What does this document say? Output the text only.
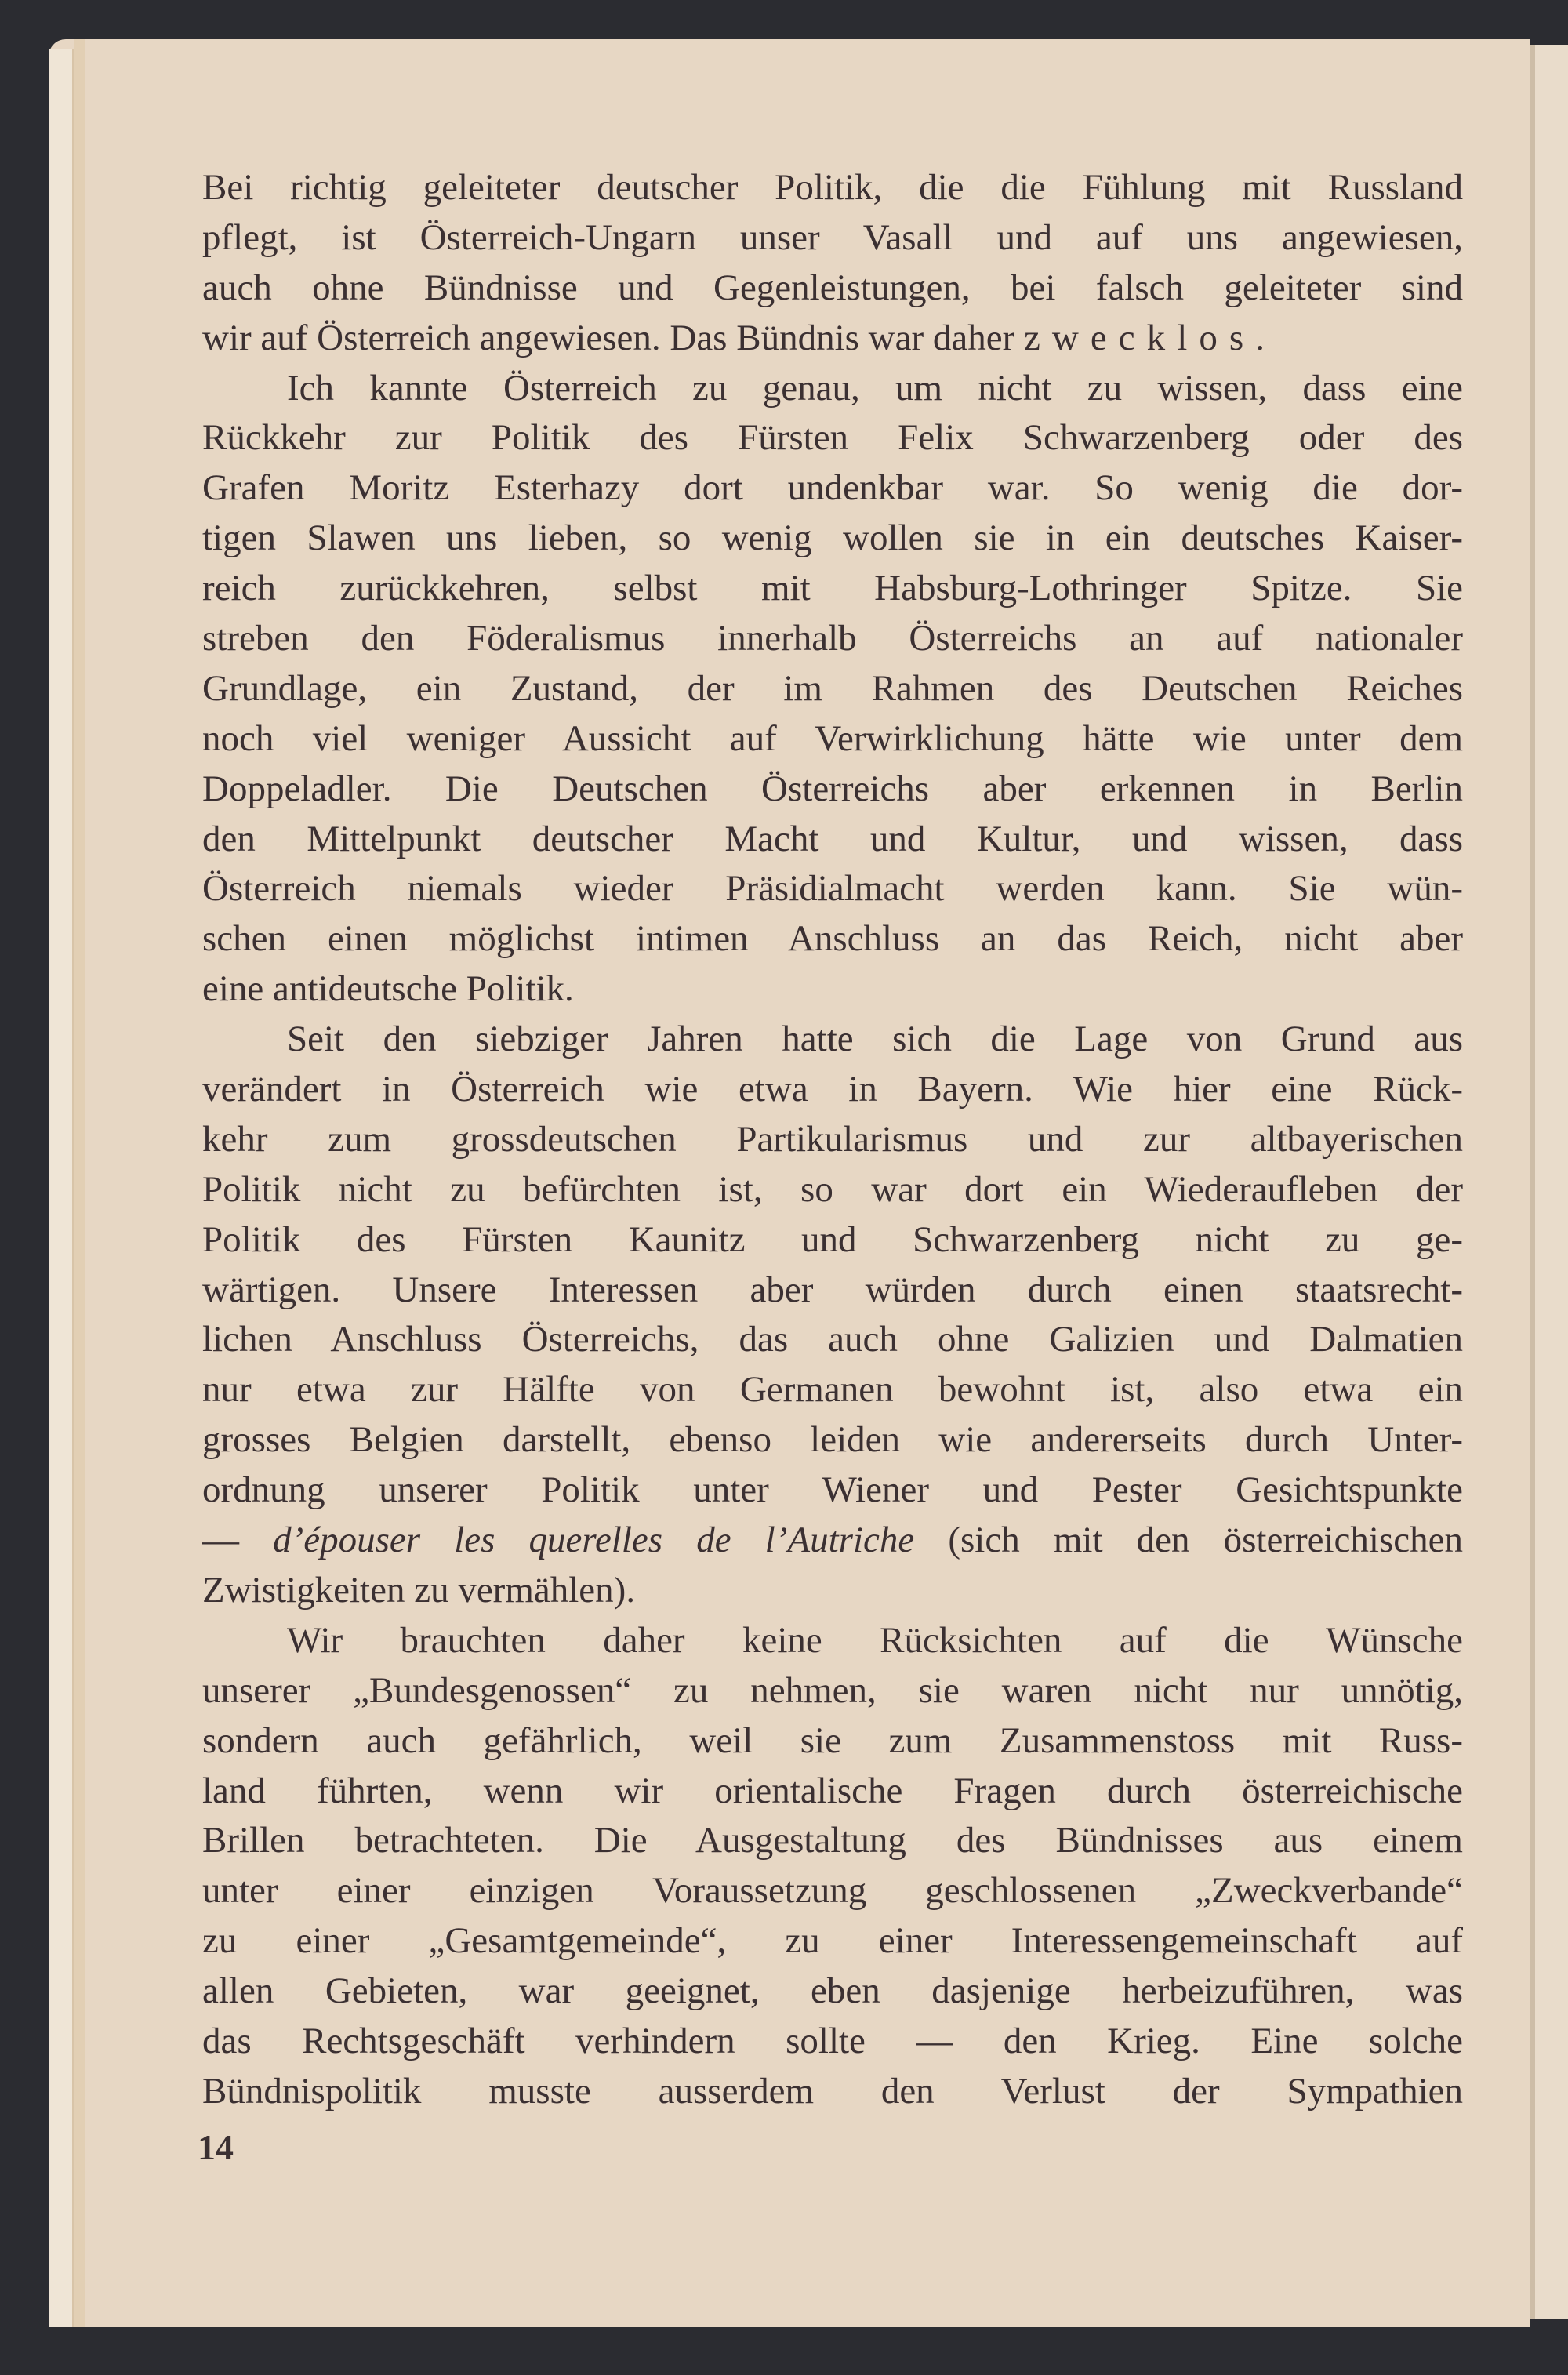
Bei richtig geleiteter deutscher Politik, die die Fühlung mit Russland
pflegt, ist Österreich-Ungarn unser Vasall und auf uns angewiesen,
auch ohne Bündnisse und Gegenleistungen, bei falsch geleiteter sind
wir auf Österreich angewiesen. Das Bündnis war daher zwecklos.
Ich kannte Österreich zu genau, um nicht zu wissen, dass eine
Rückkehr zur Politik des Fürsten Felix Schwarzenberg oder des
Grafen Moritz Esterhazy dort undenkbar war. So wenig die dor-
tigen Slawen uns lieben, so wenig wollen sie in ein deutsches Kaiser-
reich zurückkehren, selbst mit Habsburg-Lothringer Spitze. Sie
streben den Föderalismus innerhalb Österreichs an auf nationaler
Grundlage, ein Zustand, der im Rahmen des Deutschen Reiches
noch viel weniger Aussicht auf Verwirklichung hätte wie unter dem
Doppeladler. Die Deutschen Österreichs aber erkennen in Berlin
den Mittelpunkt deutscher Macht und Kultur, und wissen, dass
Österreich niemals wieder Präsidialmacht werden kann. Sie wün-
schen einen möglichst intimen Anschluss an das Reich, nicht aber
eine antideutsche Politik.
Seit den siebziger Jahren hatte sich die Lage von Grund aus
verändert in Österreich wie etwa in Bayern. Wie hier eine Rück-
kehr zum grossdeutschen Partikularismus und zur altbayerischen
Politik nicht zu befürchten ist, so war dort ein Wiederaufleben der
Politik des Fürsten Kaunitz und Schwarzenberg nicht zu ge-
wärtigen. Unsere Interessen aber würden durch einen staatsrecht-
lichen Anschluss Österreichs, das auch ohne Galizien und Dalmatien
nur etwa zur Hälfte von Germanen bewohnt ist, also etwa ein
grosses Belgien darstellt, ebenso leiden wie andererseits durch Unter-
ordnung unserer Politik unter Wiener und Pester Gesichtspunkte
— d’épouser les querelles de l’Autriche (sich mit den österreichischen
Zwistigkeiten zu vermählen).
Wir brauchten daher keine Rücksichten auf die Wünsche
unserer „Bundesgenossen“ zu nehmen, sie waren nicht nur unnötig,
sondern auch gefährlich, weil sie zum Zusammenstoss mit Russ-
land führten, wenn wir orientalische Fragen durch österreichische
Brillen betrachteten. Die Ausgestaltung des Bündnisses aus einem
unter einer einzigen Voraussetzung geschlossenen „Zweckverbande“
zu einer „Gesamtgemeinde“, zu einer Interessengemeinschaft auf
allen Gebieten, war geeignet, eben dasjenige herbeizuführen, was
das Rechtsgeschäft verhindern sollte — den Krieg. Eine solche
Bündnispolitik musste ausserdem den Verlust der Sympathien
14
